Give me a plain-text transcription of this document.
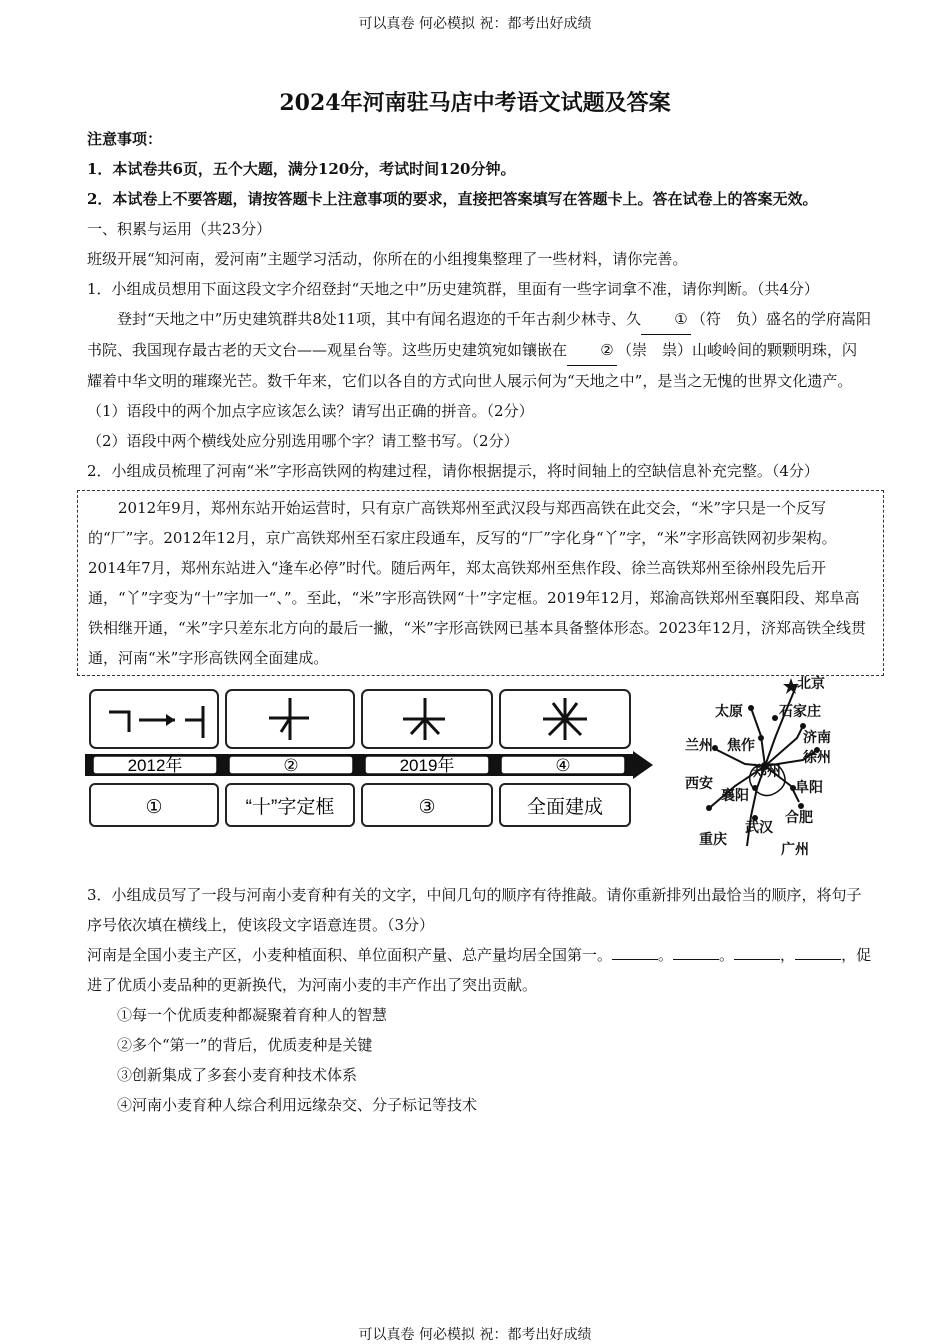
可以真卷 何必模拟 祝：都考出好成绩
2024年河南驻马店中考语文试题及答案

注意事项：

1．本试卷共6页，五个大题，满分120分，考试时间120分钟。

2．本试卷上不要答题，请按答题卡上注意事项的要求，直接把答案填写在答题卡上。答在试卷上的答案无效。

一、积累与运用（共23分）

班级开展“知河南，爱河南”主题学习活动，你所在的小组搜集整理了一些材料，请你完善。

1．小组成员想用下面这段文字介绍登封“天地之中”历史建筑群，里面有一些字词拿不准，请你判断。（共4分）

登封“天地之中”历史建筑群共8处11项，其中有闻名遐迩的千年古刹少林寺、久 ① （符　负）盛名的学府嵩阳书院、我国现存最古老的天文台——观星台等。这些历史建筑宛如镶嵌在 ② （崇　祟）山峻岭间的颗颗明珠，闪耀着中华文明的璀璨光芒。数千年来，它们以各自的方式向世人展示何为“天地之中”，是当之无愧的世界文化遗产。

（1）语段中的两个加点字应该怎么读？请写出正确的拼音。（2分）

（2）语段中两个横线处应分别选用哪个字？请工整书写。（2分）

2．小组成员梳理了河南“米”字形高铁网的构建过程，请你根据提示，将时间轴上的空缺信息补充完整。（4分）

2012年9月，郑州东站开始运营时，只有京广高铁郑州至武汉段与郑西高铁在此交会，“米”字只是一个反写的“厂”字。2012年12月，京广高铁郑州至石家庄段通车，反写的“厂”字化身“丫”字，“米”字形高铁网初步架构。2014年7月，郑州东站进入“逢车必停”时代。随后两年，郑太高铁郑州至焦作段、徐兰高铁郑州至徐州段先后开通，“丫”字变为“十”字加一“、”。至此，“米”字形高铁网“十”字定框。2019年12月，郑渝高铁郑州至襄阳段、郑阜高铁相继开通，“米”字只差东北方向的最后一撇，“米”字形高铁网已基本具备整体形态。2023年12月，济郑高铁全线贯通，河南“米”字形高铁网全面建成。

2012年	②	2019年	④
①	“十”字定框	③	全面建成
北京
太原	石家庄
济南
徐州
兰州 焦作
郑州
西安
襄阳	阜阳
武汉
合肥
重庆
广州

3．小组成员写了一段与河南小麦育种有关的文字，中间几句的顺序有待推敲。请你重新排列出最恰当的顺序，将句子序号依次填在横线上，使该段文字语意连贯。（3分）

河南是全国小麦主产区，小麦种植面积、单位面积产量、总产量均居全国第一。	。	。	，	，促进了优质小麦品种的更新换代，为河南小麦的丰产作出了突出贡献。

①每一个优质麦种都凝聚着育种人的智慧

②多个“第一”的背后，优质麦种是关键

③创新集成了多套小麦育种技术体系

④河南小麦育种人综合利用远缘杂交、分子标记等技术

可以真卷 何必模拟 祝：都考出好成绩
